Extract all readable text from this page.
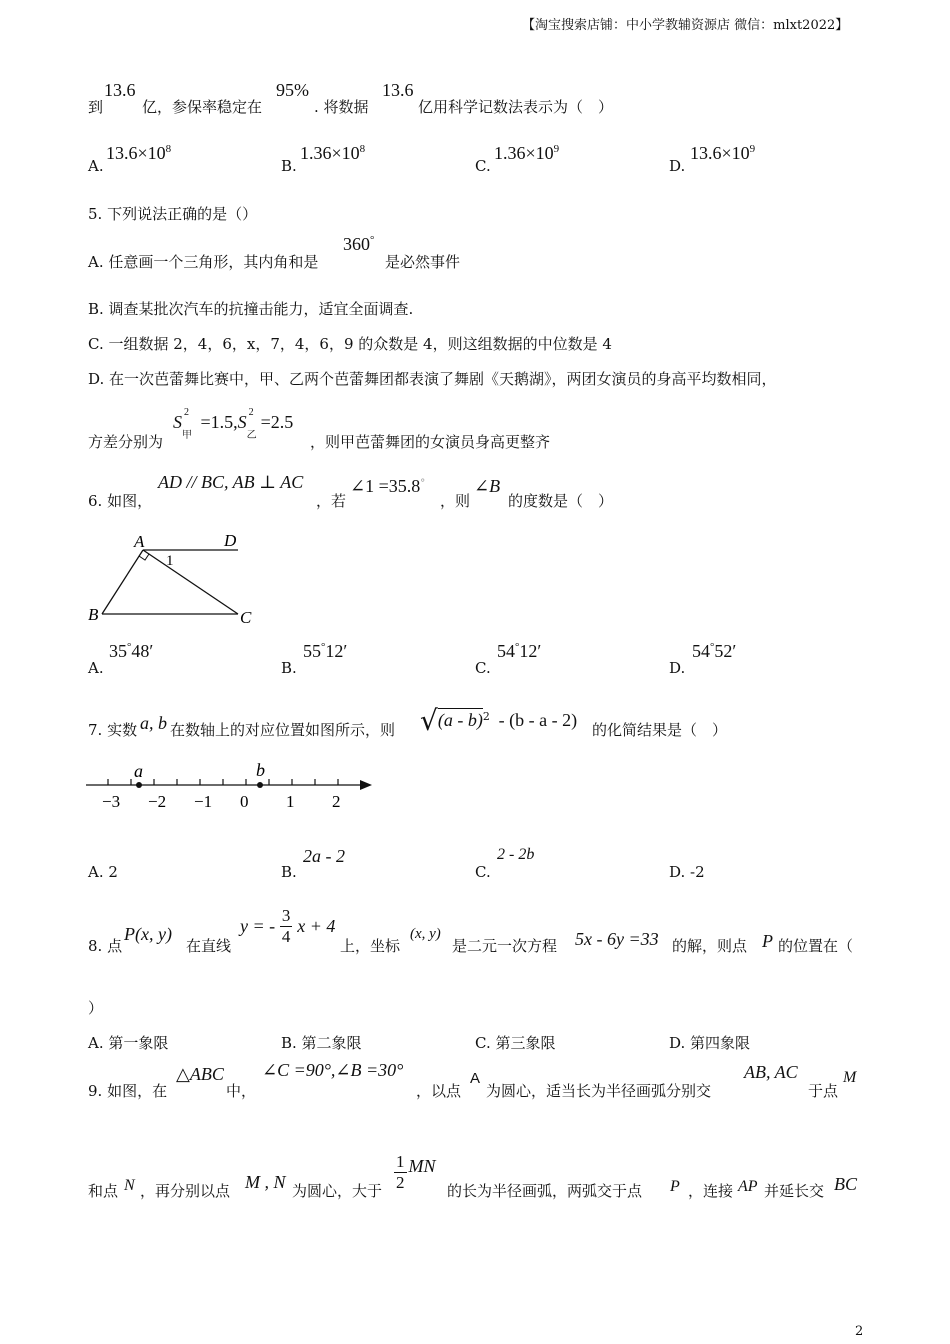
【淘宝搜索店铺：中小学教辅资源店 微信：mlxt2022】
到
13.6
亿，参保率稳定在
95%
. 将数据
13.6
亿用科学记数法表示为（　）
A.
$13.6\times 10^8$
B.
$1.36\times 10^8$
C.
$1.36\times 10^9$
D.
$13.6\times 10^9$
5. 下列说法正确的是（）
A. 任意画一个三角形，其内角和是
360°
是必然事件
B. 调查某批次汽车的抗撞击能力，适宜全面调查.
C. 一组数据 2，4，6，x，7，4，6，9 的众数是 4，则这组数据的中位数是 4
D. 在一次芭蕾舞比赛中，甲、乙两个芭蕾舞团都表演了舞剧《天鹅湖》，两团女演员的身高平均数相同，
方差分别为
S 2
甲
=1.5,S 2
乙
=2.5
，则甲芭蕾舞团的女演员身高更整齐
6. 如图，
AD // BC, AB ⊥ AC
，若
∠1 =35.8°
，则
∠B
的度数是（　）
A	D
1
B	C
A.
35°48′
B.
55°12′
C.
54°12′
D.
54°52′
7. 实数 a, b 在数轴上的对应位置如图所示，则 √(a - b)$^2$ - (b - a - 2) 的化简结果是（　）
−3 −2 −1 0 1 2
a	b
A. 2	B.
2a - 2
C.
2 - 2b
D. -2
8. 点
P(x, y)
在直线
y = - $\frac{3}{4}$ x + 4
上，坐标
(x, y)
是二元一次方程 5x - 6y =33 的解，则点 P 的位置在（
）
A. 第一象限	B. 第二象限	C. 第三象限	D. 第四象限
9. 如图，在
△ABC
中，
∠C =90°,∠B =30°
，以点
A
为圆心，适当长为半径画弧分别交
AB, AC
于点
M
和点 N ，再分别以点 M , N 为圆心，大于 $\frac{1}{2}$ MN
的长为半径画弧，两弧交于点 P ，连接 AP 并延长交 BC
2
